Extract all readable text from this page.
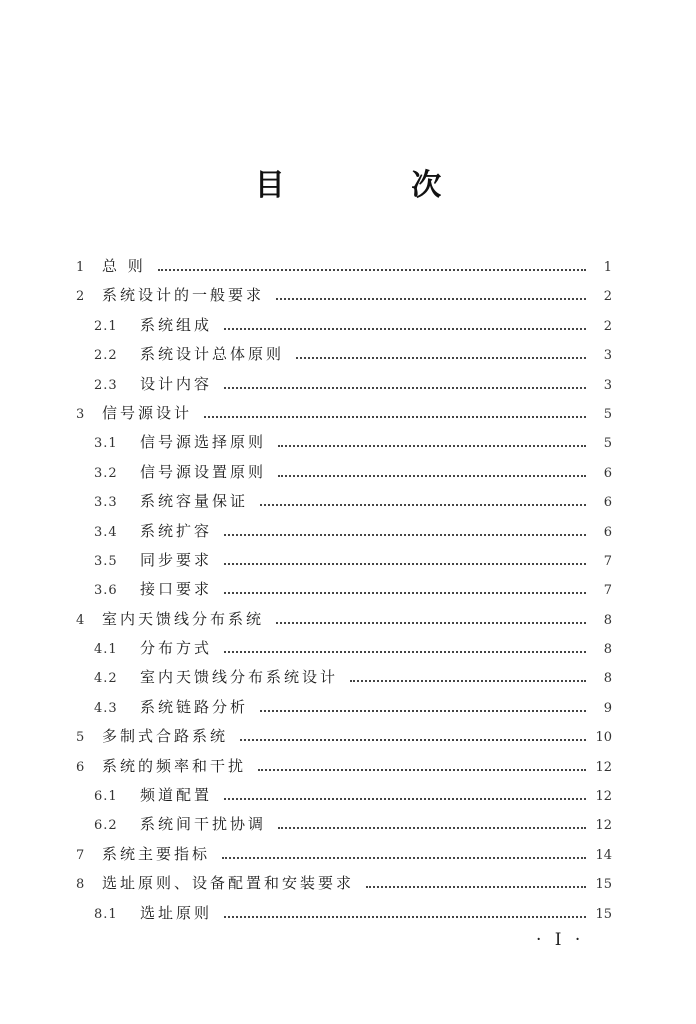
目 次
1	总 则	1
2	系统设计的一般要求	2
2.1	系统组成	2
2.2	系统设计总体原则	3
2.3	设计内容	3
3	信号源设计	5
3.1	信号源选择原则	5
3.2	信号源设置原则	6
3.3	系统容量保证	6
3.4	系统扩容	6
3.5	同步要求	7
3.6	接口要求	7
4	室内天馈线分布系统	8
4.1	分布方式	8
4.2	室内天馈线分布系统设计	8
4.3	系统链路分析	9
5	多制式合路系统	10
6	系统的频率和干扰	12
6.1	频道配置	12
6.2	系统间干扰协调	12
7	系统主要指标	14
8	选址原则、设备配置和安装要求	15
8.1	选址原则	15
· I ·
